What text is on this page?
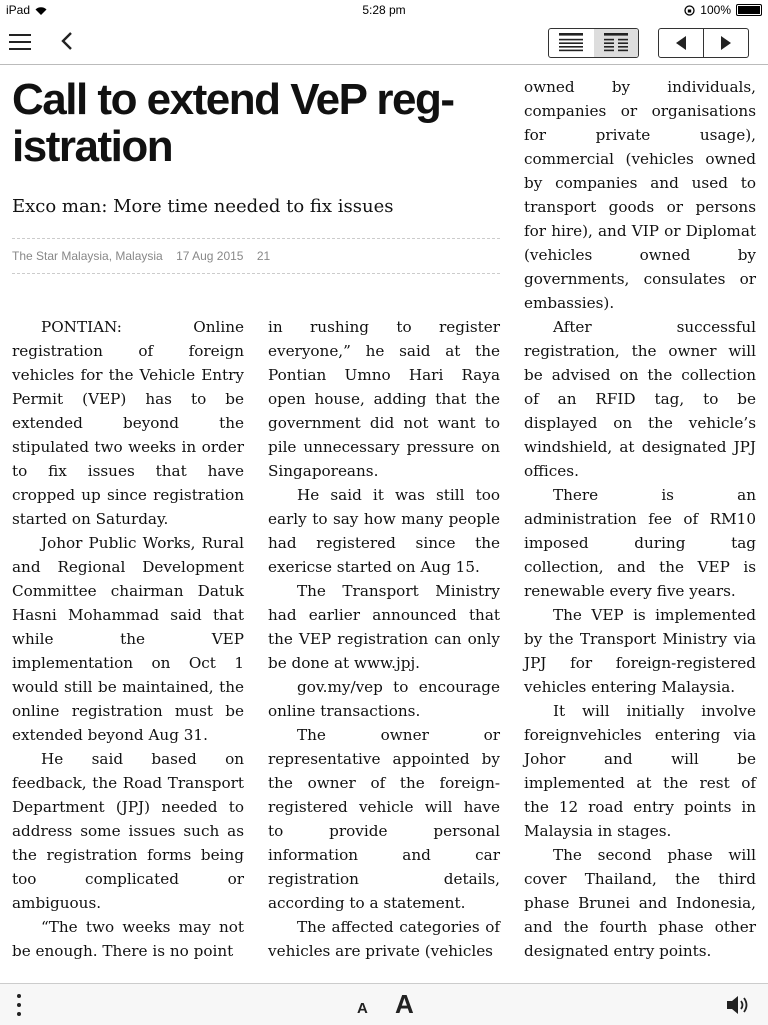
iPad	5:28 pm	100%
Call to extend VeP reg- istration
Exco man: More time needed to fix issues
The Star Malaysia, Malaysia 17 Aug 2015 21

PONTIAN: Online registration of foreign vehicles for the Vehicle Entry Permit (VEP) has to be extended beyond the stipulated two weeks in order to fix issues that have cropped up since registration started on Saturday.

Johor Public Works, Rural and Regional Development Committee chairman Datuk Hasni Mohammad said that while the VEP implementation on Oct 1 would still be maintained, the online registration must be extended beyond Aug 31.

He said based on feedback, the Road Transport Department (JPJ) needed to address some issues such as the registration forms being too complicated or ambiguous.

“The two weeks may not be enough. There is no point

in rushing to register everyone,” he said at the Pontian Umno Hari Raya open house, adding that the government did not want to pile unnecessary pressure on Singaporeans.

He said it was still too early to say how many people had registered since the exericse started on Aug 15.

The Transport Ministry had earlier announced that the VEP registration can only be done at www.jpj.

gov.my/vep to encourage online transactions.

The owner or representative appointed by the owner of the foreign-registered vehicle will have to provide personal information and car registration details, according to a statement.

The affected categories of vehicles are private (vehicles

owned by individuals, companies or organisations for private usage), commercial (vehicles owned by companies and used to transport goods or persons for hire), and VIP or Diplomat (vehicles owned by governments, consulates or embassies).

After successful registration, the owner will be advised on the collection of an RFID tag, to be displayed on the vehicle’s windshield, at designated JPJ offices.

There is an administration fee of RM10 imposed during tag collection, and the VEP is renewable every five years.

The VEP is implemented by the Transport Ministry via JPJ for foreign-registered vehicles entering Malaysia.

It will initially involve foreignvehicles entering via Johor and will be implemented at the rest of the 12 road entry points in Malaysia in stages.

The second phase will cover Thailand, the third phase Brunei and Indonesia, and the fourth phase other designated entry points.

A A
